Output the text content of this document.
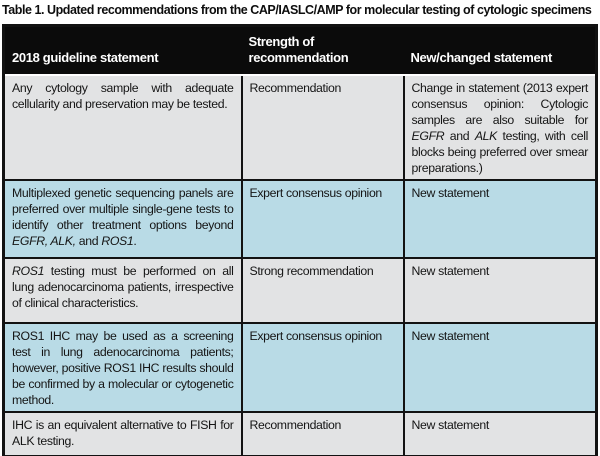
Table 1. Updated recommendations from the CAP/IASLC/AMP for molecular testing of cytologic specimens
2018 guideline statement	Strength of recommendation	New/changed statement
Any cytology sample with adequate cellularity and preservation may be tested.	Recommendation	Change in statement (2013 expert consensus opinion: Cytologic samples are also suitable for EGFR and ALK testing, with cell blocks being preferred over smear preparations.)
Multiplexed genetic sequencing panels are preferred over multiple single-gene tests to identify other treatment options beyond EGFR, ALK, and ROS1.	Expert consensus opinion	New statement
ROS1 testing must be performed on all lung adenocarcinoma patients, irrespective of clinical characteristics.	Strong recommendation	New statement
ROS1 IHC may be used as a screening test in lung adenocarcinoma patients; however, positive ROS1 IHC results should be confirmed by a molecular or cytogenetic method.	Expert consensus opinion	New statement
IHC is an equivalent alternative to FISH for ALK testing.	Recommendation	New statement
